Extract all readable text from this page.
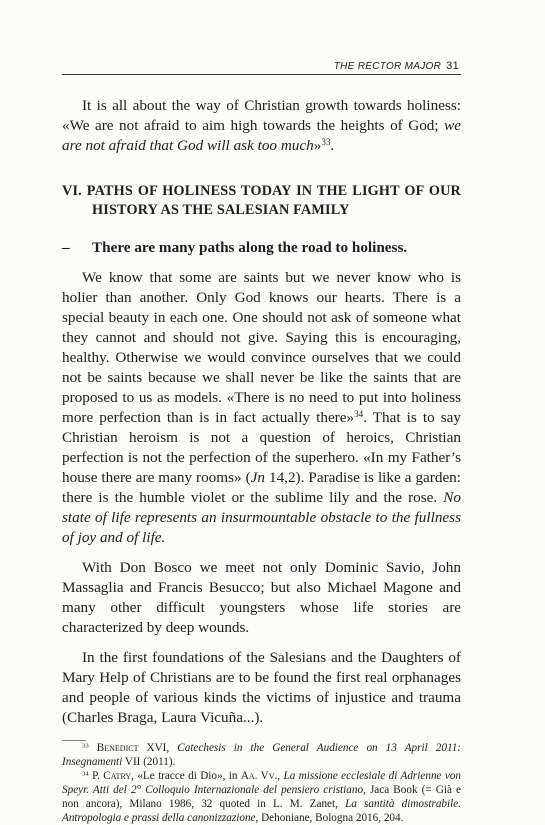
THE RECTOR MAJOR 31

It is all about the way of Christian growth towards holiness: «We are not afraid to aim high towards the heights of God; we are not afraid that God will ask too much»$^{33}$.

VI. PATHS OF HOLINESS TODAY IN THE LIGHT OF OUR HISTORY AS THE SALESIAN FAMILY

– There are many paths along the road to holiness.

We know that some are saints but we never know who is holier than another. Only God knows our hearts. There is a special beauty in each one. One should not ask of someone what they cannot and should not give. Saying this is encouraging, healthy. Otherwise we would convince ourselves that we could not be saints because we shall never be like the saints that are proposed to us as models. «There is no need to put into holiness more perfection than is in fact actually there»$^{34}$. That is to say Christian heroism is not a question of heroics, Christian perfection is not the perfection of the superhero. «In my Father’s house there are many rooms» (Jn 14,2). Paradise is like a garden: there is the humble violet or the sublime lily and the rose. No state of life represents an insurmountable obstacle to the fullness of joy and of life.

With Don Bosco we meet not only Dominic Savio, John Massaglia and Francis Besucco; but also Michael Magone and many other difficult youngsters whose life stories are characterized by deep wounds.

In the first foundations of the Salesians and the Daughters of Mary Help of Christians are to be found the first real orphanages and people of various kinds the victims of injustice and trauma (Charles Braga, Laura Vicuña...).

$^{33}$ Benedict XVI, Catechesis in the General Audience on 13 April 2011: Insegnamenti VII (2011).

$^{34}$ P. Catry, «Le tracce di Dio», in Aa. Vv., La missione ecclesiale di Adrienne von Speyr. Atti del 2° Colloquio Internazionale del pensiero cristiano, Jaca Book (= Già e non ancora), Milano 1986, 32 quoted in L. M. Zanet, La santità dimostrabile. Antropologia e prassi della canonizzazione, Dehoniane, Bologna 2016, 204.
